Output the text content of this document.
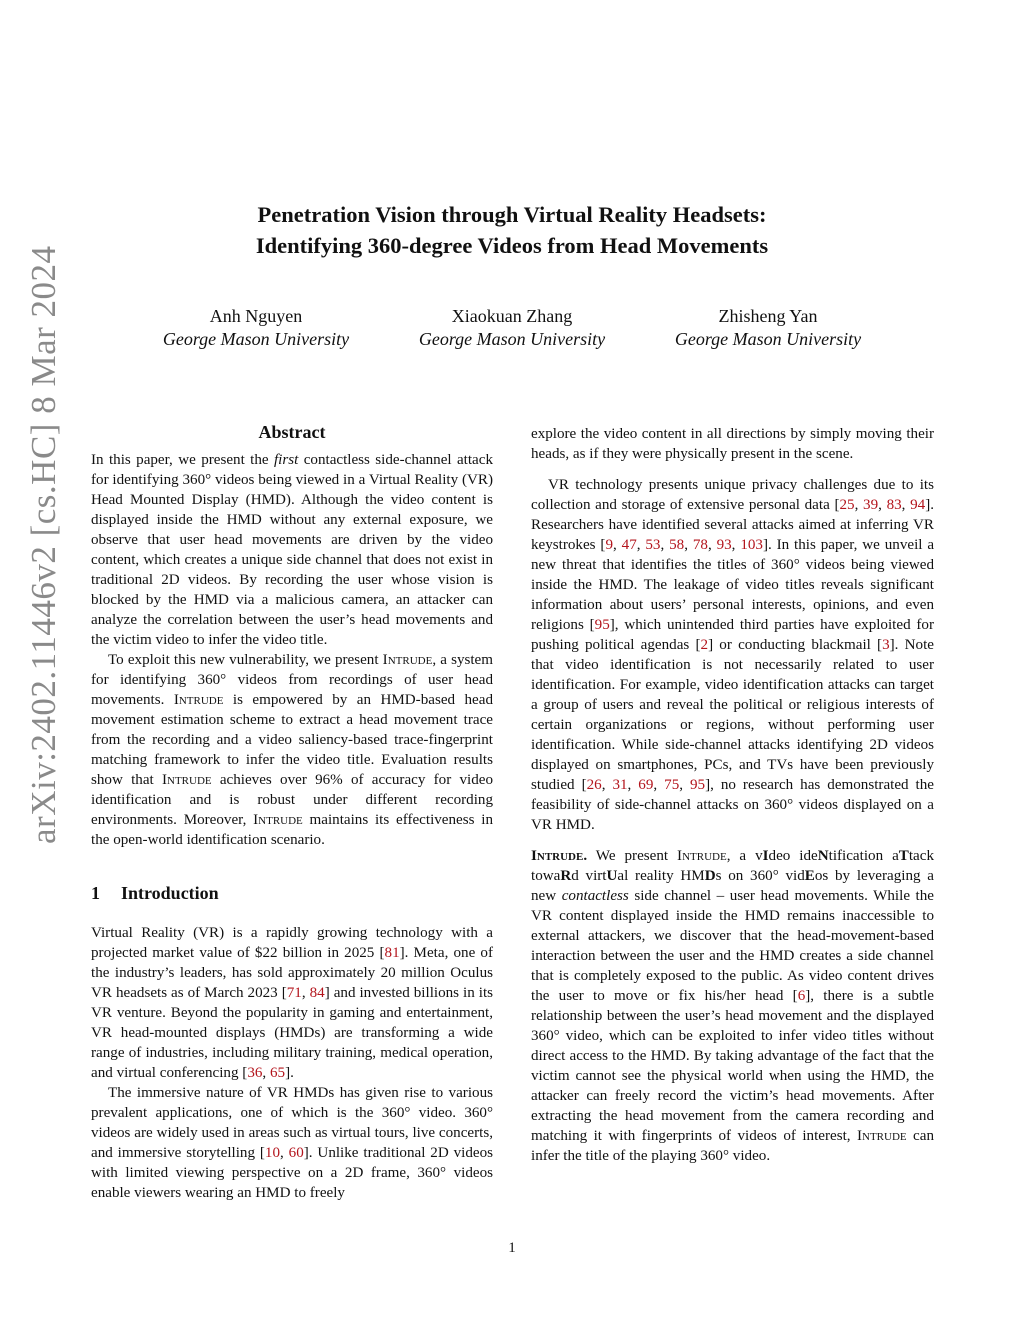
arXiv:2402.11446v2 [cs.HC] 8 Mar 2024
Penetration Vision through Virtual Reality Headsets:
Identifying 360-degree Videos from Head Movements
Anh Nguyen
George Mason University
Xiaokuan Zhang
George Mason University
Zhisheng Yan
George Mason University
Abstract

In this paper, we present the first contactless side-channel attack for identifying 360° videos being viewed in a Virtual Reality (VR) Head Mounted Display (HMD). Although the video content is displayed inside the HMD without any external exposure, we observe that user head movements are driven by the video content, which creates a unique side channel that does not exist in traditional 2D videos. By recording the user whose vision is blocked by the HMD via a malicious camera, an attacker can analyze the correlation between the user’s head movements and the victim video to infer the video title.

To exploit this new vulnerability, we present Intrude, a system for identifying 360° videos from recordings of user head movements. Intrude is empowered by an HMD-based head movement estimation scheme to extract a head movement trace from the recording and a video saliency-based trace-fingerprint matching framework to infer the video title. Evaluation results show that Intrude achieves over 96% of accuracy for video identification and is robust under different recording environments. Moreover, Intrude maintains its effectiveness in the open-world identification scenario.

1 Introduction

Virtual Reality (VR) is a rapidly growing technology with a projected market value of $22 billion in 2025 [81]. Meta, one of the industry’s leaders, has sold approximately 20 million Oculus VR headsets as of March 2023 [71, 84] and invested billions in its VR venture. Beyond the popularity in gaming and entertainment, VR head-mounted displays (HMDs) are transforming a wide range of industries, including military training, medical operation, and virtual conferencing [36, 65].

The immersive nature of VR HMDs has given rise to various prevalent applications, one of which is the 360° video. 360° videos are widely used in areas such as virtual tours, live concerts, and immersive storytelling [10, 60]. Unlike traditional 2D videos with limited viewing perspective on a 2D frame, 360° videos enable viewers wearing an HMD to freely

explore the video content in all directions by simply moving their heads, as if they were physically present in the scene.

VR technology presents unique privacy challenges due to its collection and storage of extensive personal data [25, 39, 83, 94]. Researchers have identified several attacks aimed at inferring VR keystrokes [9, 47, 53, 58, 78, 93, 103]. In this paper, we unveil a new threat that identifies the titles of 360° videos being viewed inside the HMD. The leakage of video titles reveals significant information about users’ personal interests, opinions, and even religions [95], which unintended third parties have exploited for pushing political agendas [2] or conducting blackmail [3]. Note that video identification is not necessarily related to user identification. For example, video identification attacks can target a group of users and reveal the political or religious interests of certain organizations or regions, without performing user identification. While side-channel attacks identifying 2D videos displayed on smartphones, PCs, and TVs have been previously studied [26, 31, 69, 75, 95], no research has demonstrated the feasibility of side-channel attacks on 360° videos displayed on a VR HMD.

Intrude. We present Intrude, a vIdeo ideNtification aTtack towaRd virtUal reality HMDs on 360° vidEos by leveraging a new contactless side channel – user head movements. While the VR content displayed inside the HMD remains inaccessible to external attackers, we discover that the head-movement-based interaction between the user and the HMD creates a side channel that is completely exposed to the public. As video content drives the user to move or fix his/her head [6], there is a subtle relationship between the user’s head movement and the displayed 360° video, which can be exploited to infer video titles without direct access to the HMD. By taking advantage of the fact that the victim cannot see the physical world when using the HMD, the attacker can freely record the victim’s head movements. After extracting the head movement from the camera recording and matching it with fingerprints of videos of interest, Intrude can infer the title of the playing 360° video.

1
